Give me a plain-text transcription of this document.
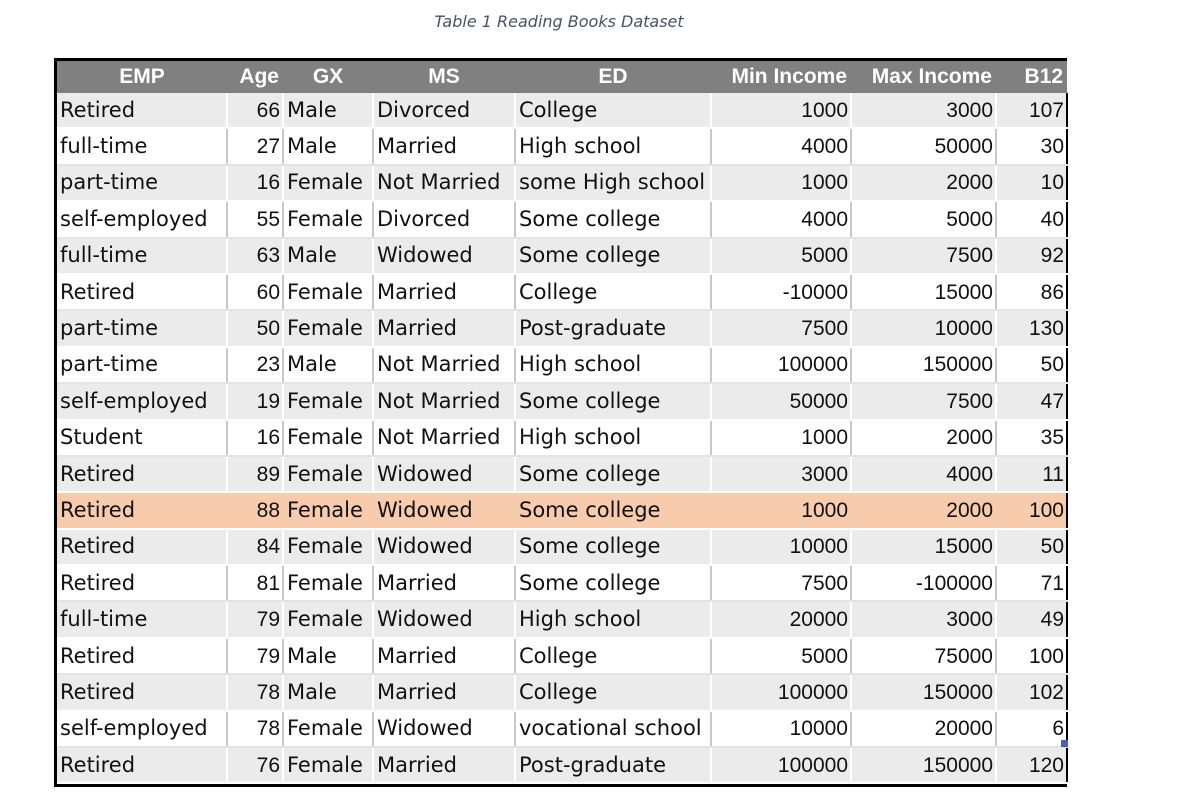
Table 1 Reading Books Dataset
EMP	Age	GX	MS	ED	Min Income	Max Income	B12
Retired	66	Male	Divorced	College	1000	3000	107
full-time	27	Male	Married	High school	4000	50000	30
part-time	16	Female	Not Married	some High school	1000	2000	10
self-employed	55	Female	Divorced	Some college	4000	5000	40
full-time	63	Male	Widowed	Some college	5000	7500	92
Retired	60	Female	Married	College	-10000	15000	86
part-time	50	Female	Married	Post-graduate	7500	10000	130
part-time	23	Male	Not Married	High school	100000	150000	50
self-employed	19	Female	Not Married	Some college	50000	7500	47
Student	16	Female	Not Married	High school	1000	2000	35
Retired	89	Female	Widowed	Some college	3000	4000	11
Retired	88	Female	Widowed	Some college	1000	2000	100
Retired	84	Female	Widowed	Some college	10000	15000	50
Retired	81	Female	Married	Some college	7500	-100000	71
full-time	79	Female	Widowed	High school	20000	3000	49
Retired	79	Male	Married	College	5000	75000	100
Retired	78	Male	Married	College	100000	150000	102
self-employed	78	Female	Widowed	vocational school	10000	20000	6
Retired	76	Female	Married	Post-graduate	100000	150000	120
